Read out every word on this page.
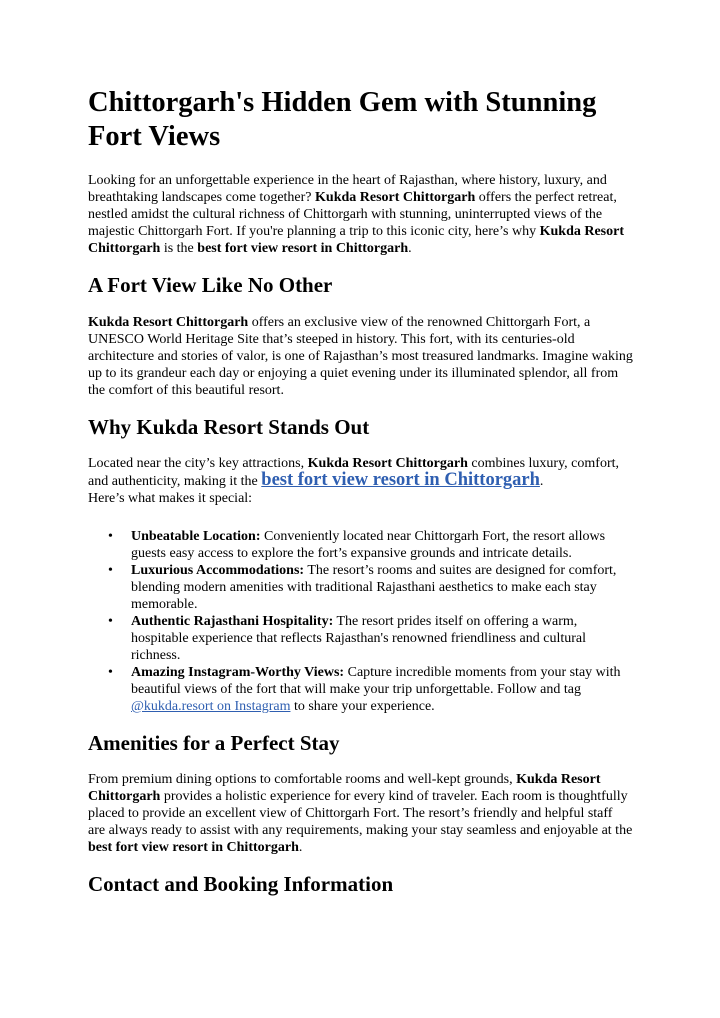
Chittorgarh's Hidden Gem with Stunning Fort Views

Looking for an unforgettable experience in the heart of Rajasthan, where history, luxury, and breathtaking landscapes come together? Kukda Resort Chittorgarh offers the perfect retreat, nestled amidst the cultural richness of Chittorgarh with stunning, uninterrupted views of the majestic Chittorgarh Fort. If you're planning a trip to this iconic city, here’s why Kukda Resort Chittorgarh is the best fort view resort in Chittorgarh.

A Fort View Like No Other

Kukda Resort Chittorgarh offers an exclusive view of the renowned Chittorgarh Fort, a UNESCO World Heritage Site that’s steeped in history. This fort, with its centuries-old architecture and stories of valor, is one of Rajasthan’s most treasured landmarks. Imagine waking up to its grandeur each day or enjoying a quiet evening under its illuminated splendor, all from the comfort of this beautiful resort.

Why Kukda Resort Stands Out

Located near the city’s key attractions, Kukda Resort Chittorgarh combines luxury, comfort, and authenticity, making it the best fort view resort in Chittorgarh.
Here’s what makes it special:

• Unbeatable Location: Conveniently located near Chittorgarh Fort, the resort allows guests easy access to explore the fort’s expansive grounds and intricate details.
• Luxurious Accommodations: The resort’s rooms and suites are designed for comfort, blending modern amenities with traditional Rajasthani aesthetics to make each stay memorable.
• Authentic Rajasthani Hospitality: The resort prides itself on offering a warm, hospitable experience that reflects Rajasthan's renowned friendliness and cultural richness.
• Amazing Instagram-Worthy Views: Capture incredible moments from your stay with beautiful views of the fort that will make your trip unforgettable. Follow and tag @kukda.resort on Instagram to share your experience.
Amenities for a Perfect Stay

From premium dining options to comfortable rooms and well-kept grounds, Kukda Resort Chittorgarh provides a holistic experience for every kind of traveler. Each room is thoughtfully placed to provide an excellent view of Chittorgarh Fort. The resort’s friendly and helpful staff are always ready to assist with any requirements, making your stay seamless and enjoyable at the best fort view resort in Chittorgarh.

Contact and Booking Information
